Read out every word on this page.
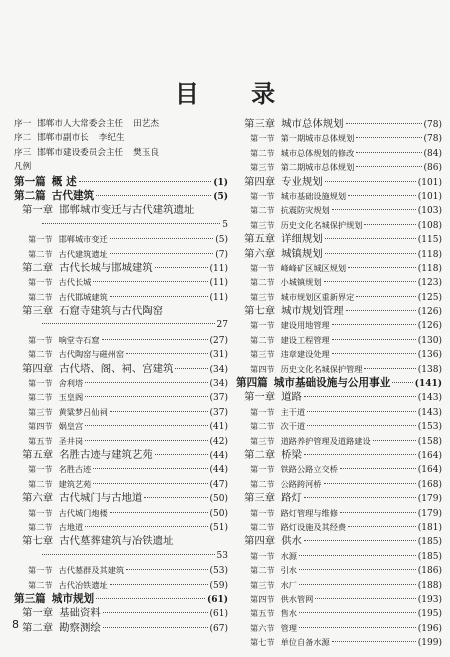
目 录
序一 邯郸市人大常委会主任 田艺杰
序二 邯郸市副市长 李纪生
序三 邯郸市建设委员会主任 樊玉良
凡例
第一篇 概 述	( 1 )
第二篇 古代建筑	( 5 )
第一章 邯郸城市变迁与古代建筑遗址
5
第一节 邯郸城市变迁	( 5 )
第二节 古代建筑遗址	( 7 )
第二章 古代长城与邯城建筑	( 11 )
第一节 古代长城	( 11 )
第二节 古代邯城建筑	( 11 )
第三章 石窟寺建筑与古代陶窑
27
第一节 响堂寺石窟	( 27 )
第二节 古代陶窑与磁州窑	( 31 )
第四章 古代塔、阁、祠、宫建筑	( 34 )
第一节 舍利塔	( 34 )
第二节 玉皇阁	( 37 )
第三节 黄粱梦吕仙祠	( 37 )
第四节 娲皇宫	( 41 )
第五节 圣井岗	( 42 )
第五章 名胜古迹与建筑艺苑	( 44 )
第一节 名胜古迹	( 44 )
第二节 建筑艺苑	( 47 )
第六章 古代城门与古地道	( 50 )
第一节 古代城门炮楼	( 50 )
第二节 古地道	( 51 )
第七章 古代墓葬建筑与冶铁遗址
53
第一节 古代墓群及其建筑	( 53 )
第二节 古代冶铁遗址	( 59 )
第三篇 城市规划	( 61 )
第一章 基础资料	( 61 )
第二章 勘察测绘	( 67 )
第三章 城市总体规划	( 78 )
第一节 第一期城市总体规划	( 78 )
第二节 城市总体规划的修改	( 84 )
第三节 第二期城市总体规划	( 86 )
第四章 专业规划	( 101 )
第一节 城市基础设施规划	( 101 )
第二节 抗震防灾规划	( 103 )
第三节 历史文化名城保护规划	( 108 )
第五章 详细规划	( 115 )
第六章 城镇规划	( 118 )
第一节 峰峰矿区城区规划	( 118 )
第二节 小城镇规划	( 123 )
第三节 城市规划区重新界定	( 125 )
第七章 城市规划管理	( 126 )
第一节 建设用地管理	( 126 )
第二节 建设工程管理	( 130 )
第三节 违章建设处理	( 136 )
第四节 历史文化名城保护管理	( 138 )
第四篇 城市基础设施与公用事业	( 141 )
第一章 道路	( 143 )
第一节 主干道	( 143 )
第二节 次干道	( 153 )
第三节 道路养护管理及道路建设	( 158 )
第二章 桥梁	( 164 )
第一节 铁路公路立交桥	( 164 )
第二节 公路跨河桥	( 168 )
第三章 路灯	( 179 )
第一节 路灯管理与维修	( 179 )
第二节 路灯设施及其经费	( 181 )
第四章 供水	( 185 )
第一节 水源	( 185 )
第二节 引水	( 186 )
第三节 水厂	( 188 )
第四节 供水管网	( 193 )
第五节 售水	( 195 )
第六节 管理	( 196 )
第七节 单位自备水源	( 199 )
8
